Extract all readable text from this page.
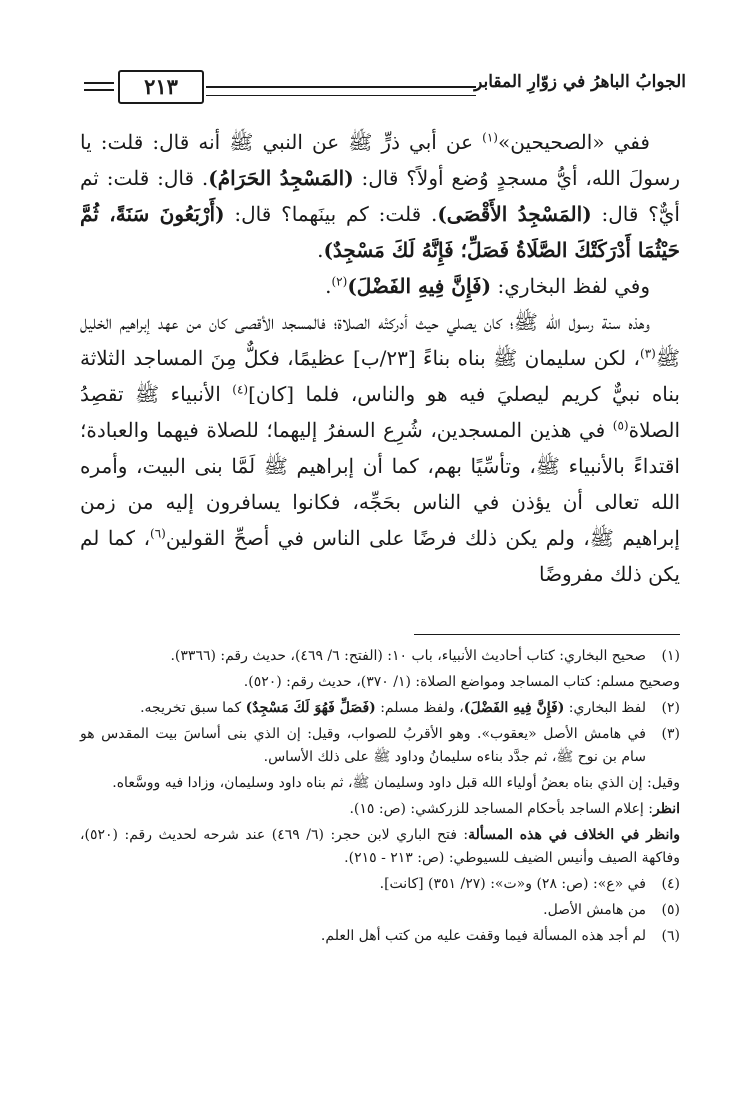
الجوابُ الباهرُ في زوّارِ المقابر
٢١٣

ففي «الصحيحين»$^{(١)}$ عن أبي ذرٍّ ﷺ عن النبي ﷺ أنه قال: قلت: يا رسولَ الله، أيُّ مسجدٍ وُضع أولاً؟ قال: (المَسْجِدُ الحَرَامُ). قال: قلت: ثم أيٌّ؟ قال: (المَسْجِدُ الأَقْصَى). قلت: كم بينَهما؟ قال: (أَرْبَعُونَ سَنَةً، ثُمَّ حَيْثُمَا أَدْرَكَتْكَ الصَّلَاةُ فَصَلِّ؛ فَإِنَّهُ لَكَ مَسْجِدٌ).

وفي لفظ البخاري: (فَإِنَّ فِيهِ الفَضْلَ)$^{(٢)}$.

وهذه سنة رسول الله ﷺ؛ كان يصلي حيث أدركتْه الصلاة؛ فالمسجد الأقصى كان من عهد إبراهيم الخليل ﷺ$^{(٣)}$، لكن سليمان ﷺ بناه بناءً [٢٣/ب] عظيمًا، فكلٌّ مِنَ المساجد الثلاثة بناه نبيٌّ كريم ليصليَ فيه هو والناس، فلما [كان]$^{(٤)}$ الأنبياء ﷺ تقصِدُ الصلاة$^{(٥)}$ في هذين المسجدين، شُرِع السفرُ إليهما؛ للصلاة فيهما والعبادة؛ اقتداءً بالأنبياء ﷺ، وتأسِّيًا بهم، كما أن إبراهيم ﷺ لَمَّا بنى البيت، وأمره الله تعالى أن يؤذن في الناس بحَجِّه، فكانوا يسافرون إليه من زمن إبراهيم ﷺ، ولم يكن ذلك فرضًا على الناس في أصحِّ القولين$^{(٦)}$، كما لم يكن ذلك مفروضًا

(١)
صحيح البخاري: كتاب أحاديث الأنبياء، باب ١٠: (الفتح: ٦/ ٤٦٩)، حديث رقم: (٣٣٦٦).
وصحيح مسلم: كتاب المساجد ومواضع الصلاة: (١/ ٣٧٠)، حديث رقم: (٥٢٠).
(٢)
لفظ البخاري: (فَإِنَّ فِيهِ الفَضْلَ)، ولفظ مسلم: (فَصَلِّ فَهُوَ لَكَ مَسْجِدٌ) كما سبق تخريجه.
(٣)
في هامش الأصل «يعقوب». وهو الأقربُ للصواب، وقيل: إن الذي بنى أساسَ بيت المقدس هو سام بن نوح ﷺ، ثم جدَّد بناءه سليمانُ وداود ﷺ على ذلك الأساس.
وقيل: إن الذي بناه بعضُ أولياء الله قبل داود وسليمان ﷺ، ثم بناه داود وسليمان، وزادا فيه ووسَّعاه.
انظر: إعلام الساجد بأحكام المساجد للزركشي: (ص: ١٥).
وانظر في الخلاف في هذه المسألة: فتح الباري لابن حجر: (٦/ ٤٦٩) عند شرحه لحديث رقم: (٥٢٠)، وفاكهة الصيف وأنيس الضيف للسيوطي: (ص: ٢١٣ - ٢١٥).
(٤)
في «ع»: (ص: ٢٨) و«ت»: (٢٧/ ٣٥١) [كانت].
(٥)
من هامش الأصل.
(٦)
لم أجد هذه المسألة فيما وقفت عليه من كتب أهل العلم.
